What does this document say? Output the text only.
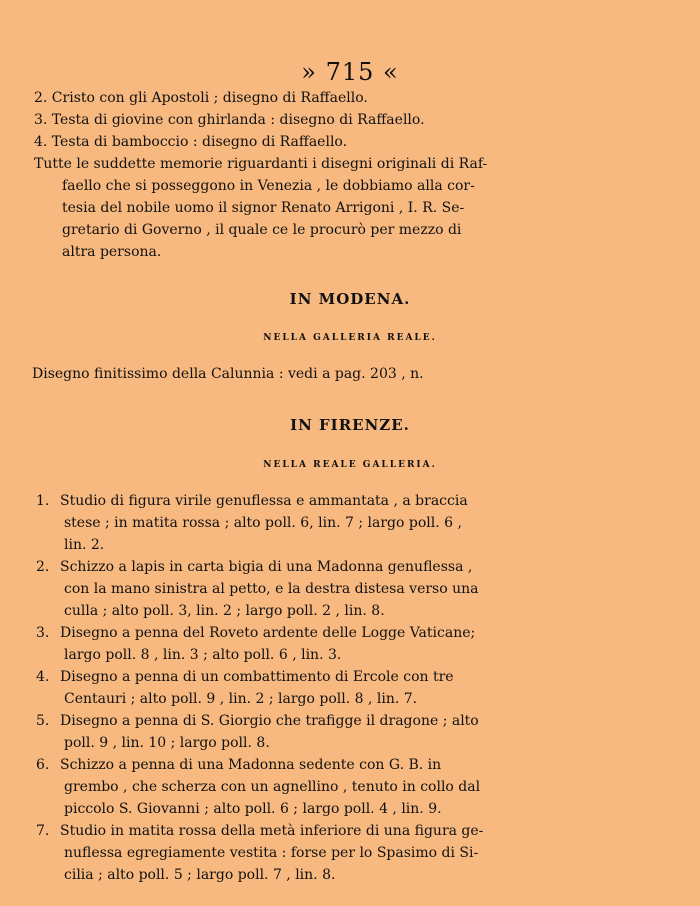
» 715 «
2. Cristo con gli Apostoli ; disegno di Raffaello.
3. Testa di giovine con ghirlanda : disegno di Raffaello.
4. Testa di bamboccio : disegno di Raffaello.
Tutte le suddette memorie riguardanti i disegni originali di Raf-
faello che si posseggono in Venezia , le dobbiamo alla cor-
tesia del nobile uomo il signor Renato Arrigoni , I. R. Se-
gretario di Governo , il quale ce le procurò per mezzo di
altra persona.
IN MODENA.
NELLA GALLERIA REALE.
Disegno finitissimo della Calunnia : vedi a pag. 203 , n.
IN FIRENZE.
NELLA REALE GALLERIA.
1. Studio di figura virile genuflessa e ammantata , a braccia
stese ; in matita rossa ; alto poll. 6, lin. 7 ; largo poll. 6 ,
lin. 2.
2. Schizzo a lapis in carta bigia di una Madonna genuflessa ,
con la mano sinistra al petto, e la destra distesa verso una
culla ; alto poll. 3, lin. 2 ; largo poll. 2 , lin. 8.
3. Disegno a penna del Roveto ardente delle Logge Vaticane;
largo poll. 8 , lin. 3 ; alto poll. 6 , lin. 3.
4. Disegno a penna di un combattimento di Ercole con tre
Centauri ; alto poll. 9 , lin. 2 ; largo poll. 8 , lin. 7.
5. Disegno a penna di S. Giorgio che trafigge il dragone ; alto
poll. 9 , lin. 10 ; largo poll. 8.
6. Schizzo a penna di una Madonna sedente con G. B. in
grembo , che scherza con un agnellino , tenuto in collo dal
piccolo S. Giovanni ; alto poll. 6 ; largo poll. 4 , lin. 9.
7. Studio in matita rossa della metà inferiore di una figura ge-
nuflessa egregiamente vestita : forse per lo Spasimo di Si-
cilia ; alto poll. 5 ; largo poll. 7 , lin. 8.
